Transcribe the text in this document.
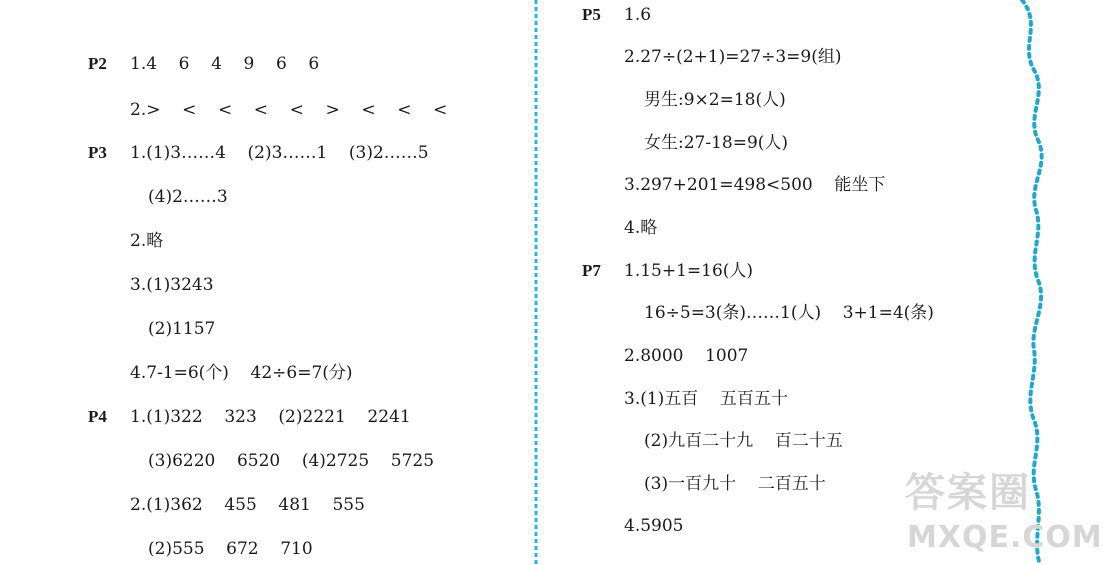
P2 1.4    6    4    9    6    6
2.>    <    <    <    <    >    <    <    <
P3 1.(1)3……4    (2)3……1    (3)2……5
(4)2……3
2.略
3.(1)3243
(2)1157
4.7-1=6(个)    42÷6=7(分)
P4 1.(1)322    323    (2)2221    2241
(3)6220    6520    (4)2725    5725
2.(1)362    455    481    555
(2)555    672    710
P5 1.6
2.27÷(2+1)=27÷3=9(组)
男生:9×2=18(人)
女生:27-18=9(人)
3.297+201=498<500    能坐下
4.略
P7 1.15+1=16(人)
16÷5=3(条)……1(人)    3+1=4(条)
2.8000    1007
3.(1)五百    五百五十
(2)九百二十九    百二十五
(3)一百九十    二百五十
4.5905
答案圈
MXQE.COM
